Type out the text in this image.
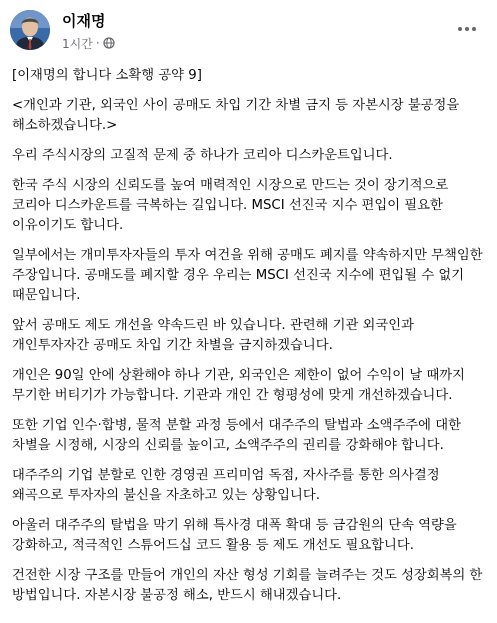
이재명
1시간 ·

[이재명의 합니다 소확행 공약 9]

<개인과 기관, 외국인 사이 공매도 차입 기간 차별 금지 등 자본시장 불공정을 해소하겠습니다.>

우리 주식시장의 고질적 문제 중 하나가 코리아 디스카운트입니다.

한국 주식 시장의 신뢰도를 높여 매력적인 시장으로 만드는 것이 장기적으로 코리아 디스카운트를 극복하는 길입니다. MSCI 선진국 지수 편입이 필요한 이유이기도 합니다.

일부에서는 개미투자자들의 투자 여건을 위해 공매도 폐지를 약속하지만 무책임한 주장입니다. 공매도를 폐지할 경우 우리는 MSCI 선진국 지수에 편입될 수 없기 때문입니다.

앞서 공매도 제도 개선을 약속드린 바 있습니다. 관련해 기관 외국인과 개인투자자간 공매도 차입 기간 차별을 금지하겠습니다.

개인은 90일 안에 상환해야 하나 기관, 외국인은 제한이 없어 수익이 날 때까지 무기한 버티기가 가능합니다. 기관과 개인 간 형평성에 맞게 개선하겠습니다.

또한 기업 인수·합병, 물적 분할 과정 등에서 대주주의 탈법과 소액주주에 대한 차별을 시정해, 시장의 신뢰를 높이고, 소액주주의 권리를 강화해야 합니다.

대주주의 기업 분할로 인한 경영권 프리미엄 독점, 자사주를 통한 의사결정 왜곡으로 투자자의 불신을 자초하고 있는 상황입니다.

아울러 대주주의 탈법을 막기 위해 특사경 대폭 확대 등 금감원의 단속 역량을 강화하고, 적극적인 스튜어드십 코드 활용 등 제도 개선도 필요합니다.

건전한 시장 구조를 만들어 개인의 자산 형성 기회를 늘려주는 것도 성장회복의 한 방법입니다. 자본시장 불공정 해소, 반드시 해내겠습니다.
